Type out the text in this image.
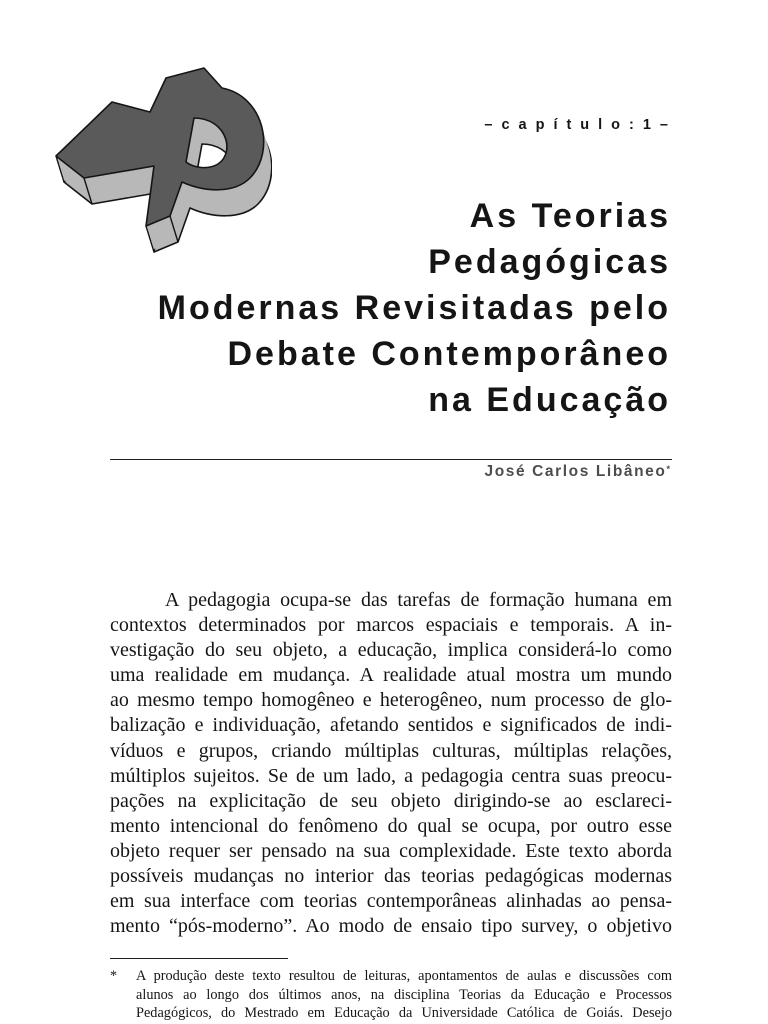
–capítulo:1–
As Teorias
Pedagógicas
Modernas Revisitadas pelo
Debate Contemporâneo
na Educação
José Carlos Libâneo*
A pedagogia ocupa-se das tarefas de formação humana em
contextos determinados por marcos espaciais e temporais. A in-
vestigação do seu objeto, a educação, implica considerá-lo como
uma realidade em mudança. A realidade atual mostra um mundo
ao mesmo tempo homogêneo e heterogêneo, num processo de glo-
balização e individuação, afetando sentidos e significados de indi-
víduos e grupos, criando múltiplas culturas, múltiplas relações,
múltiplos sujeitos. Se de um lado, a pedagogia centra suas preocu-
pações na explicitação de seu objeto dirigindo-se ao esclareci-
mento intencional do fenômeno do qual se ocupa, por outro esse
objeto requer ser pensado na sua complexidade. Este texto aborda
possíveis mudanças no interior das teorias pedagógicas modernas
em sua interface com teorias contemporâneas alinhadas ao pensa-
mento “pós-moderno”. Ao modo de ensaio tipo survey, o objetivo
* A produção deste texto resultou de leituras, apontamentos de aulas e discussões com
alunos ao longo dos últimos anos, na disciplina Teorias da Educação e Processos
Pedagógicos, do Mestrado em Educação da Universidade Católica de Goiás. Desejo
